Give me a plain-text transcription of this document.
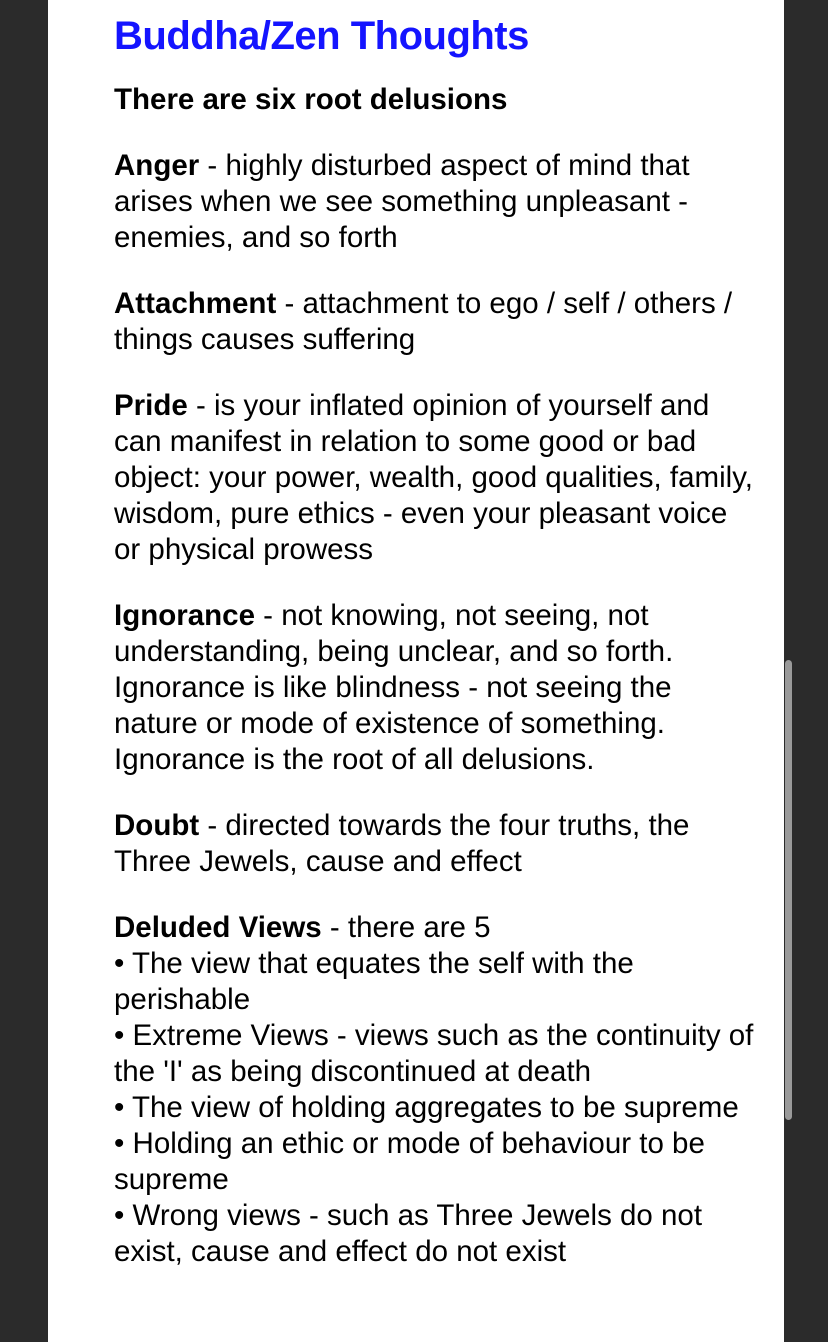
Buddha/Zen Thoughts

There are six root delusions

Anger - highly disturbed aspect of mind that arises when we see something unpleasant - enemies, and so forth

Attachment - attachment to ego / self / others / things causes suffering

Pride - is your inflated opinion of yourself and can manifest in relation to some good or bad object: your power, wealth, good qualities, family, wisdom, pure ethics - even your pleasant voice or physical prowess

Ignorance - not knowing, not seeing, not understanding, being unclear, and so forth. Ignorance is like blindness - not seeing the nature or mode of existence of something. Ignorance is the root of all delusions.

Doubt - directed towards the four truths, the Three Jewels, cause and effect

Deluded Views - there are 5

• The view that equates the self with the perishable

• Extreme Views - views such as the continuity of the 'I' as being discontinued at death

• The view of holding aggregates to be supreme

• Holding an ethic or mode of behaviour to be supreme

• Wrong views - such as Three Jewels do not exist, cause and effect do not exist
